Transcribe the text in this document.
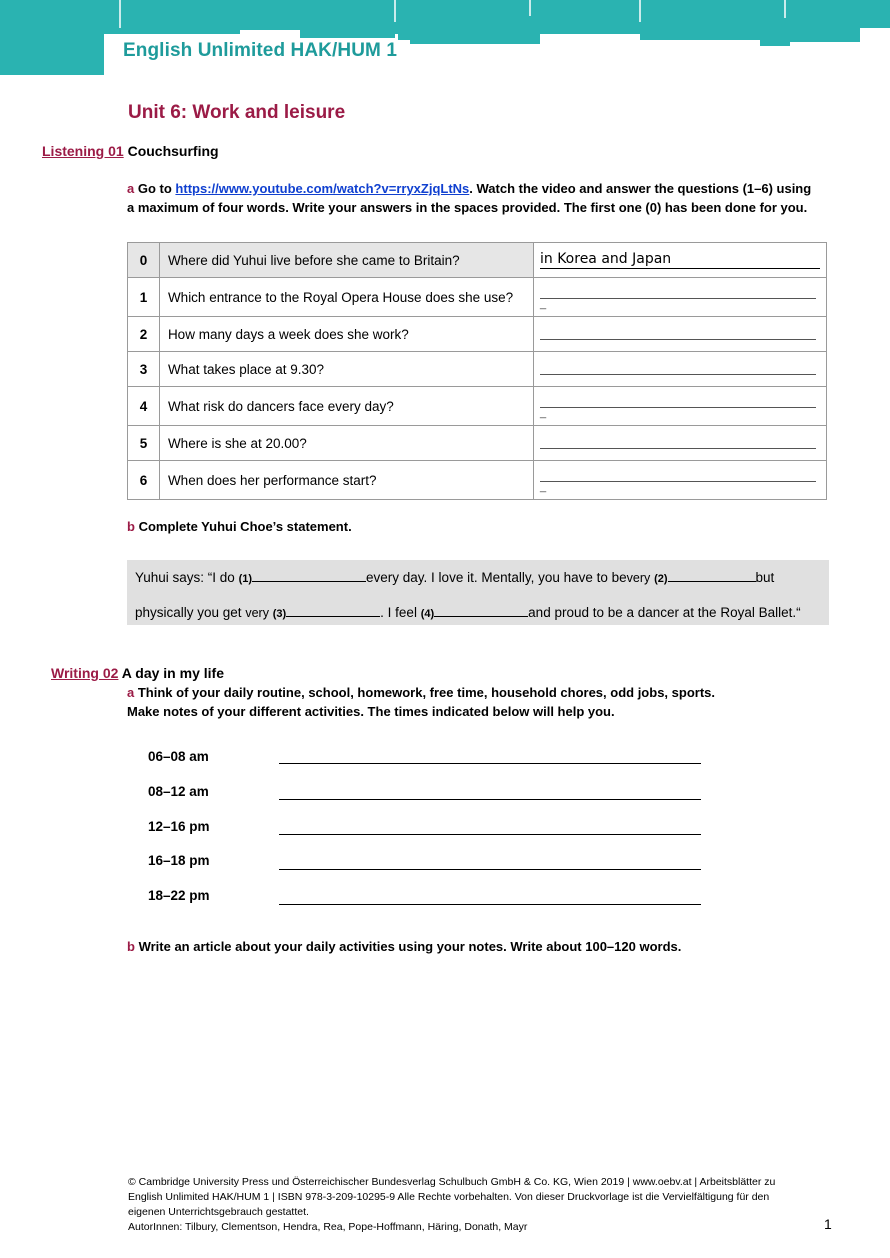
English Unlimited HAK/HUM 1
Unit 6: Work and leisure
Listening 01 Couchsurfing
a Go to https://www.youtube.com/watch?v=rryxZjqLtNs. Watch the video and answer the questions (1–6) using
a maximum of four words. Write your answers in the spaces provided. The first one (0) has been done for you.
0	Where did Yuhui live before she came to Britain?	in Korea and Japan
1	Which entrance to the Royal Opera House does she use?	_

2	How many days a week does she work?	

3	What takes place at 9.30?	

4	What risk do dancers face every day?	_

5	Where is she at 20.00?	

6	When does her performance start?	_
b Complete Yuhui Choe’s statement.
Yuhui says: “I do (1)	every day. I love it. Mentally, you have to bevery (2)	but
physically you get very (3)	. I feel (4)	and proud to be a dancer at the Royal Ballet.“
Writing 02 A day in my life
a Think of your daily routine, school, homework, free time, household chores, odd jobs, sports.
Make notes of your different activities. The times indicated below will help you.
06–08 am
08–12 am
12–16 pm
16–18 pm
18–22 pm
b Write an article about your daily activities using your notes. Write about 100–120 words.
© Cambridge University Press und Österreichischer Bundesverlag Schulbuch GmbH & Co. KG, Wien 2019 | www.oebv.at | Arbeitsblätter zu
English Unlimited HAK/HUM 1 | ISBN 978-3-209-10295-9 Alle Rechte vorbehalten. Von dieser Druckvorlage ist die Vervielfältigung für den
eigenen Unterrichtsgebrauch gestattet.
AutorInnen: Tilbury, Clementson, Hendra, Rea, Pope-Hoffmann, Häring, Donath, Mayr	1
